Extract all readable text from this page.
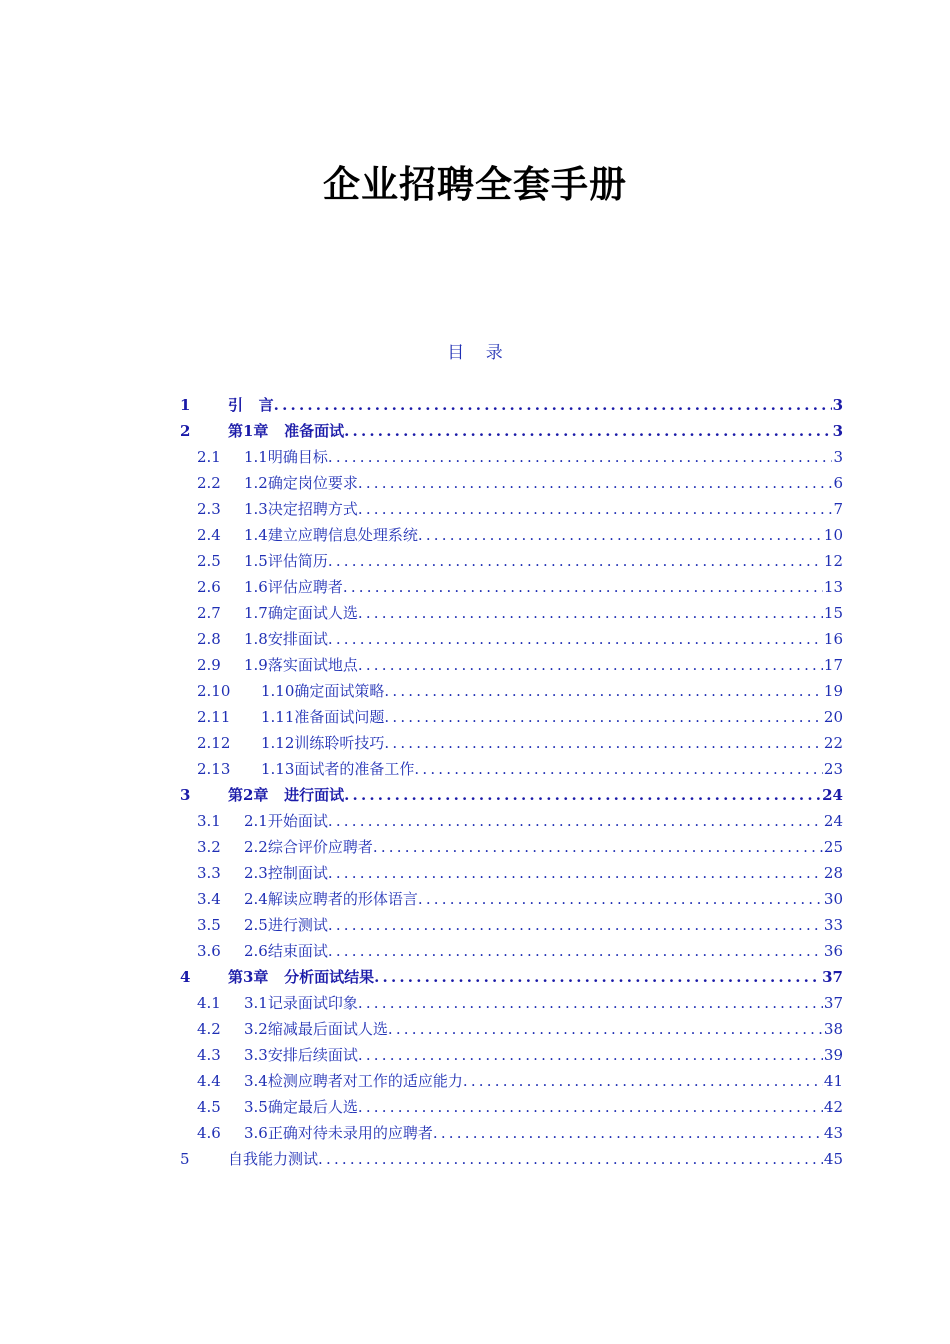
企业招聘全套手册
目    录
1	引   言 .....	3
2	第1章   准备面试 .....	3
2.1 1.1明确目标 .....	3
2.2 1.2确定岗位要求 .....	6
2.3 1.3决定招聘方式 .....	7
2.4 1.4建立应聘信息处理系统 .....	10
2.5 1.5评估简历 .....	12
2.6 1.6评估应聘者 .....	13
2.7 1.7确定面试人选 .....	15
2.8 1.8安排面试 .....	16
2.9 1.9落实面试地点 .....	17
2.10 1.10确定面试策略 .....	19
2.11 1.11准备面试问题 .....	20
2.12 1.12训练聆听技巧 .....	22
2.13 1.13面试者的准备工作 .....	23
3	第2章   进行面试 .....	24
3.1 2.1开始面试 .....	24
3.2 2.2综合评价应聘者 .....	25
3.3 2.3控制面试 .....	28
3.4 2.4解读应聘者的形体语言 .....	30
3.5 2.5进行测试 .....	33
3.6 2.6结束面试 .....	36
4	第3章   分析面试结果 .....	37
4.1 3.1记录面试印象 .....	37
4.2 3.2缩减最后面试人选 .....	38
4.3 3.3安排后续面试 .....	39
4.4 3.4检测应聘者对工作的适应能力 .....	41
4.5 3.5确定最后人选 .....	42
4.6 3.6正确对待未录用的应聘者 .....	43
5	自我能力测试 .....	45
